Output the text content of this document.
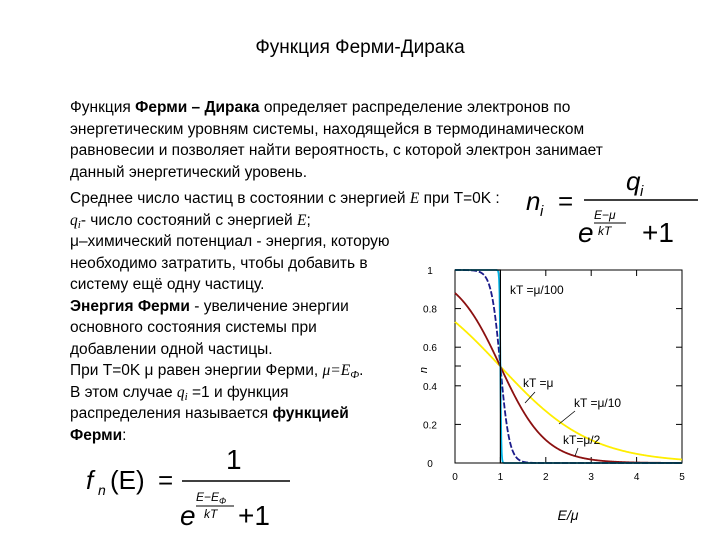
Функция Ферми-Дирака
Функция Ферми – Дирака определяет распределение электронов по
энергетическим уровням системы, находящейся в термодинамическом
равновесии и позволяет найти вероятность, с которой электрон занимает
данный энергетический уровень.
Среднее число частиц в состоянии с энергией E при T=0K :
$q_i-$ число состояний с энергией E;
μ–химический потенциал - энергия, которую
необходимо затратить, чтобы добавить в
систему ещё одну частицу.
Энергия Ферми - увеличение энергии
основного состояния системы при
добавлении одной частицы.
При T=0K μ равен энергии Ферми, $\mu=E_Ф$.
В этом случае $q_i =1$ и функция
распределения называется функцией
Ферми:
n i =
q i
e
E−μ
kT +1
f n (E) =
1
e
$E-E_Ф$
kT +1
0	1	2	3	4	5
0
0.2
0.4
0.6
0.8
1
n
E/μ
kT =μ/100
kT =μ
kT =μ/10
kT=μ/2
